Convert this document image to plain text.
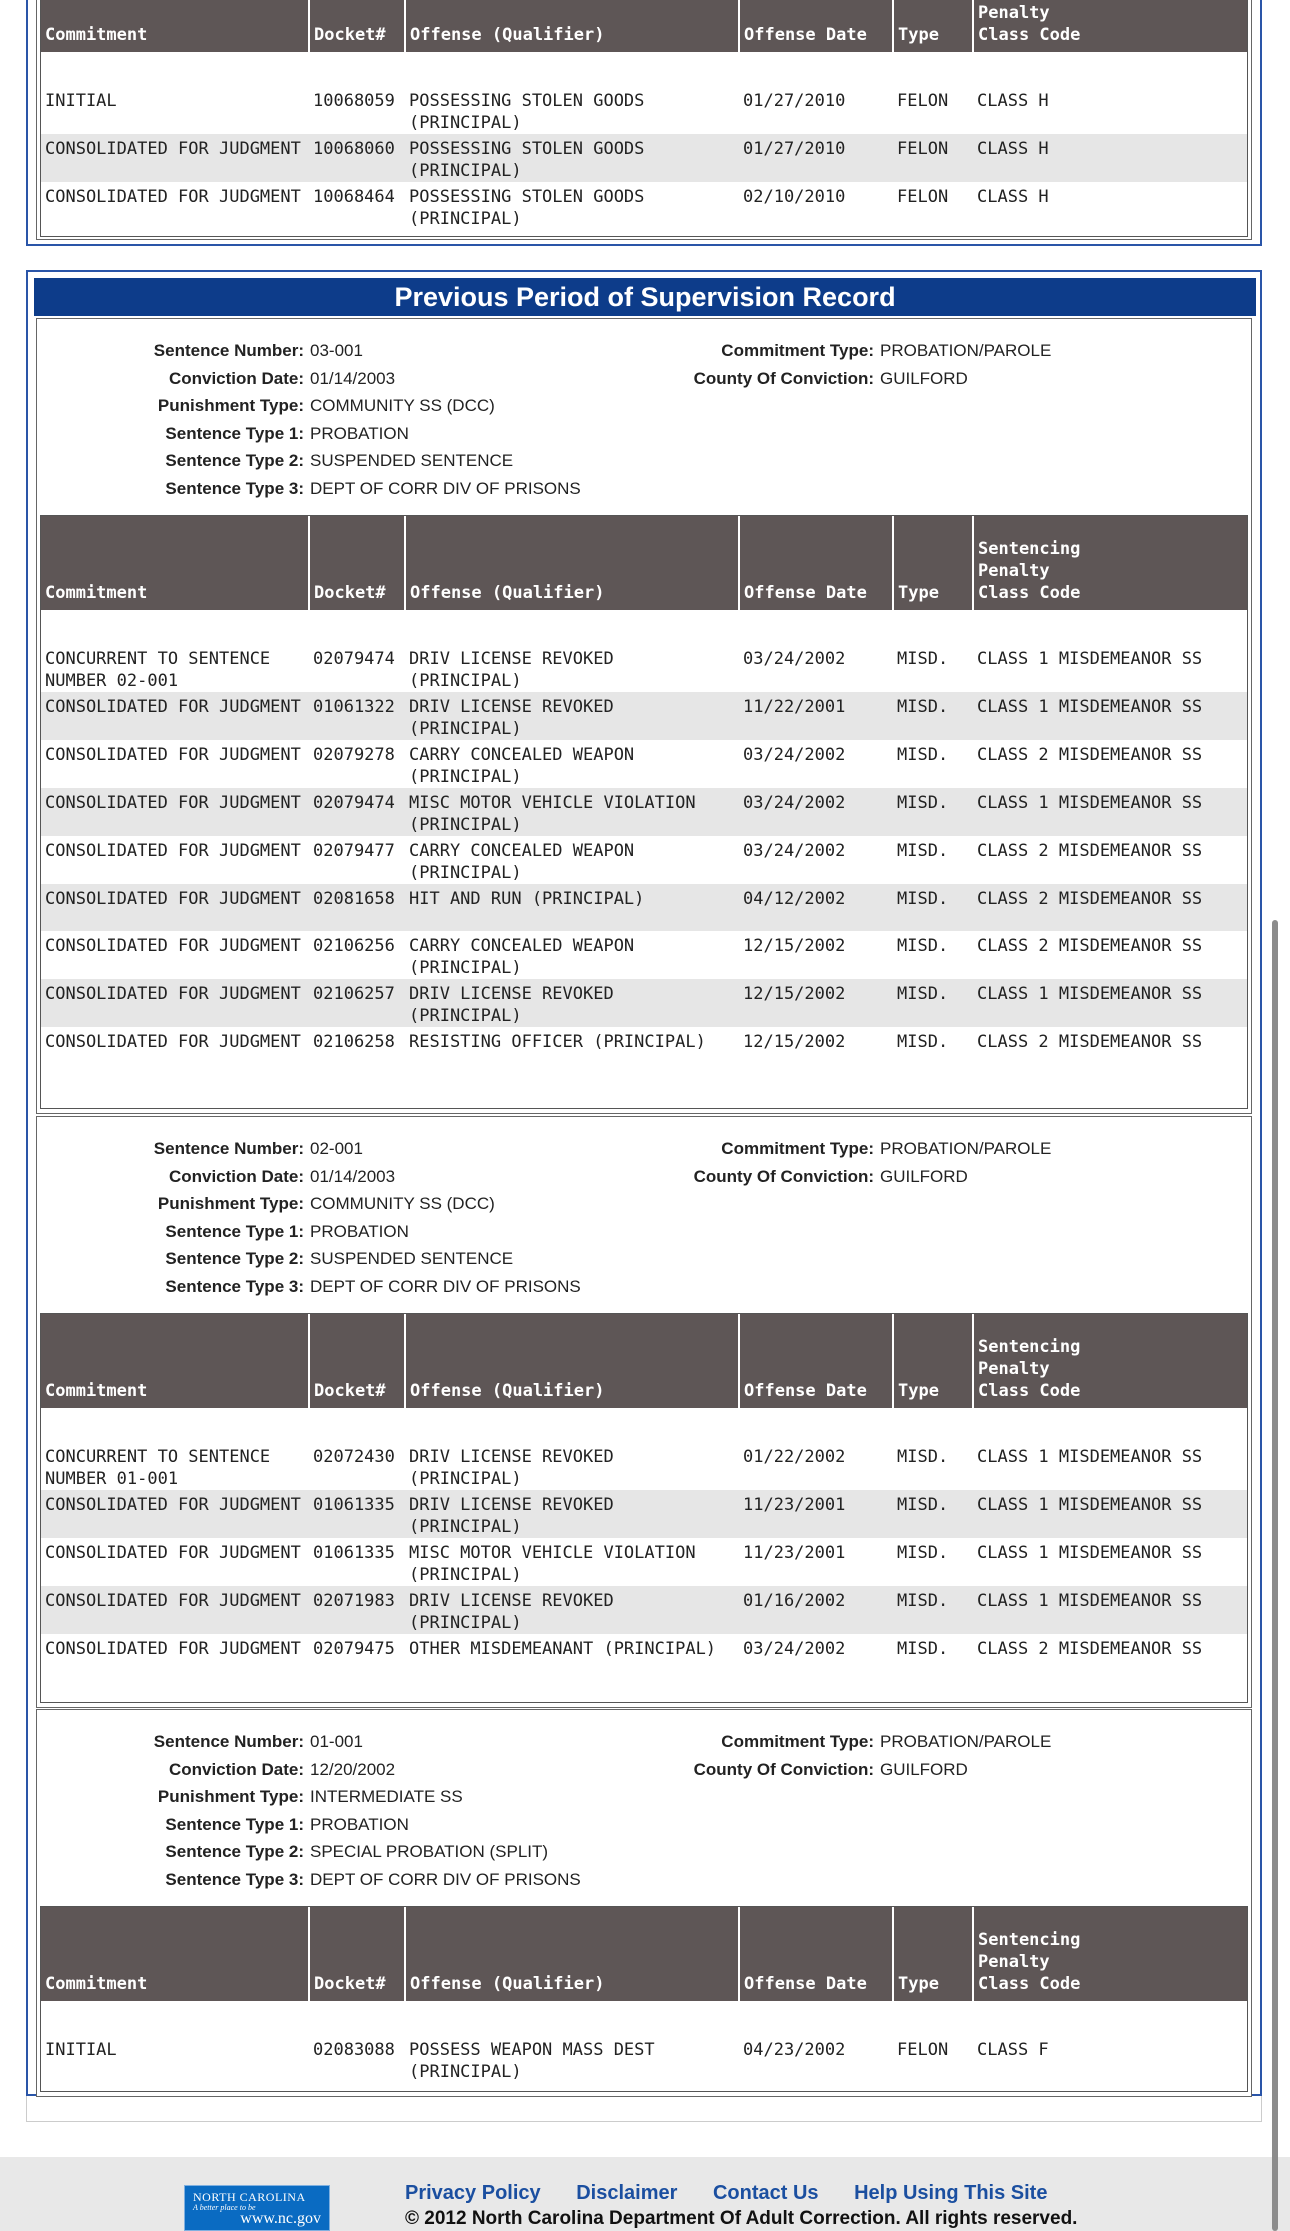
Commitment	Docket#	Offense (Qualifier)	Offense Date	Type	Penalty
Class Code

INITIAL	10068059	POSSESSING STOLEN GOODS (PRINCIPAL)	01/27/2010	FELON	CLASS H
CONSOLIDATED FOR JUDGMENT	10068060	POSSESSING STOLEN GOODS (PRINCIPAL)	01/27/2010	FELON	CLASS H
CONSOLIDATED FOR JUDGMENT	10068464	POSSESSING STOLEN GOODS (PRINCIPAL)	02/10/2010	FELON	CLASS H
Previous Period of Supervision Record
Sentence Number: 03-001
Conviction Date: 01/14/2003
Punishment Type: COMMUNITY SS (DCC)
Sentence Type 1: PROBATION
Sentence Type 2: SUSPENDED SENTENCE
Sentence Type 3: DEPT OF CORR DIV OF PRISONS
Commitment Type: PROBATION/PAROLE
County Of Conviction: GUILFORD
Commitment	Docket#	Offense (Qualifier)	Offense Date	Type	Sentencing
Penalty
Class Code

CONCURRENT TO SENTENCE NUMBER 02-001	02079474	DRIV LICENSE REVOKED (PRINCIPAL)	03/24/2002	MISD.	CLASS 1 MISDEMEANOR SS
CONSOLIDATED FOR JUDGMENT	01061322	DRIV LICENSE REVOKED (PRINCIPAL)	11/22/2001	MISD.	CLASS 1 MISDEMEANOR SS
CONSOLIDATED FOR JUDGMENT	02079278	CARRY CONCEALED WEAPON (PRINCIPAL)	03/24/2002	MISD.	CLASS 2 MISDEMEANOR SS
CONSOLIDATED FOR JUDGMENT	02079474	MISC MOTOR VEHICLE VIOLATION (PRINCIPAL)	03/24/2002	MISD.	CLASS 1 MISDEMEANOR SS
CONSOLIDATED FOR JUDGMENT	02079477	CARRY CONCEALED WEAPON (PRINCIPAL)	03/24/2002	MISD.	CLASS 2 MISDEMEANOR SS
CONSOLIDATED FOR JUDGMENT	02081658	HIT AND RUN (PRINCIPAL)	04/12/2002	MISD.	CLASS 2 MISDEMEANOR SS
CONSOLIDATED FOR JUDGMENT	02106256	CARRY CONCEALED WEAPON (PRINCIPAL)	12/15/2002	MISD.	CLASS 2 MISDEMEANOR SS
CONSOLIDATED FOR JUDGMENT	02106257	DRIV LICENSE REVOKED (PRINCIPAL)	12/15/2002	MISD.	CLASS 1 MISDEMEANOR SS
CONSOLIDATED FOR JUDGMENT	02106258	RESISTING OFFICER (PRINCIPAL)	12/15/2002	MISD.	CLASS 2 MISDEMEANOR SS
Sentence Number: 02-001
Conviction Date: 01/14/2003
Punishment Type: COMMUNITY SS (DCC)
Sentence Type 1: PROBATION
Sentence Type 2: SUSPENDED SENTENCE
Sentence Type 3: DEPT OF CORR DIV OF PRISONS
Commitment Type: PROBATION/PAROLE
County Of Conviction: GUILFORD
Commitment	Docket#	Offense (Qualifier)	Offense Date	Type	Sentencing
Penalty
Class Code

CONCURRENT TO SENTENCE NUMBER 01-001	02072430	DRIV LICENSE REVOKED (PRINCIPAL)	01/22/2002	MISD.	CLASS 1 MISDEMEANOR SS
CONSOLIDATED FOR JUDGMENT	01061335	DRIV LICENSE REVOKED (PRINCIPAL)	11/23/2001	MISD.	CLASS 1 MISDEMEANOR SS
CONSOLIDATED FOR JUDGMENT	01061335	MISC MOTOR VEHICLE VIOLATION (PRINCIPAL)	11/23/2001	MISD.	CLASS 1 MISDEMEANOR SS
CONSOLIDATED FOR JUDGMENT	02071983	DRIV LICENSE REVOKED (PRINCIPAL)	01/16/2002	MISD.	CLASS 1 MISDEMEANOR SS
CONSOLIDATED FOR JUDGMENT	02079475	OTHER MISDEMEANANT (PRINCIPAL)	03/24/2002	MISD.	CLASS 2 MISDEMEANOR SS
Sentence Number: 01-001
Conviction Date: 12/20/2002
Punishment Type: INTERMEDIATE SS
Sentence Type 1: PROBATION
Sentence Type 2: SPECIAL PROBATION (SPLIT)
Sentence Type 3: DEPT OF CORR DIV OF PRISONS
Commitment Type: PROBATION/PAROLE
County Of Conviction: GUILFORD
Commitment	Docket#	Offense (Qualifier)	Offense Date	Type	Sentencing
Penalty
Class Code

INITIAL	02083088	POSSESS WEAPON MASS DEST (PRINCIPAL)	04/23/2002	FELON	CLASS F
NORTH CAROLINA
A better place to be
www.nc.gov
Privacy Policy Disclaimer Contact Us Help Using This Site
© 2012 North Carolina Department Of Adult Correction. All rights reserved.
